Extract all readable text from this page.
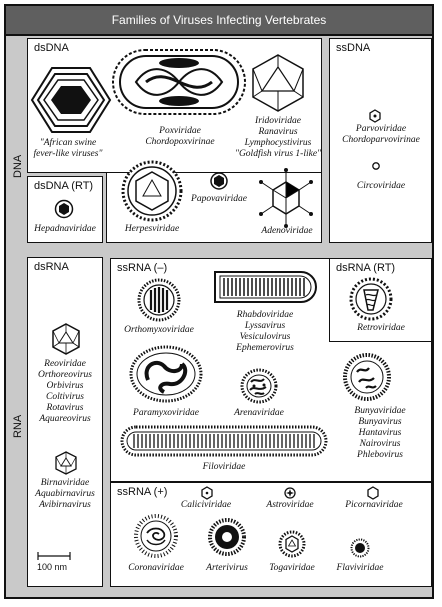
Families of Viruses Infecting Vertebrates
DNA
RNA
dsDNA	ssDNA
dsDNA (RT)
dsRNA	ssRNA (–)	dsRNA (RT)
ssRNA (+)
"African swine
fever-like viruses"
Poxviridae
Chordopoxvirinae
Iridoviridae
Ranavirus
Lymphocystivirus
"Goldfish virus 1-like"
Parvoviridae
Chordoparvovirinae
Circoviridae
Hepadnaviridae	Herpesviridae
Papovaviridae
Adenoviridae
Reoviridae
Orthoreovirus
Orbivirus
Coltivirus
Rotavirus
Aquareovirus
Birnaviridae
Aquabirnavirus
Avibirnavirus
Orthomyxoviridae
Rhabdoviridae
Lyssavirus
Vesiculovirus
Ephemerovirus
Retroviridae
Paramyxoviridae	Arenaviridae	Bunyaviridae
Bunyavirus
Hantavirus
Nairovirus
Phlebovirus
Filoviridae
Caliciviridae	Astroviridae	Picornaviridae
Coronaviridae	Arterivirus	Togaviridae	Flaviviridae
100 nm
